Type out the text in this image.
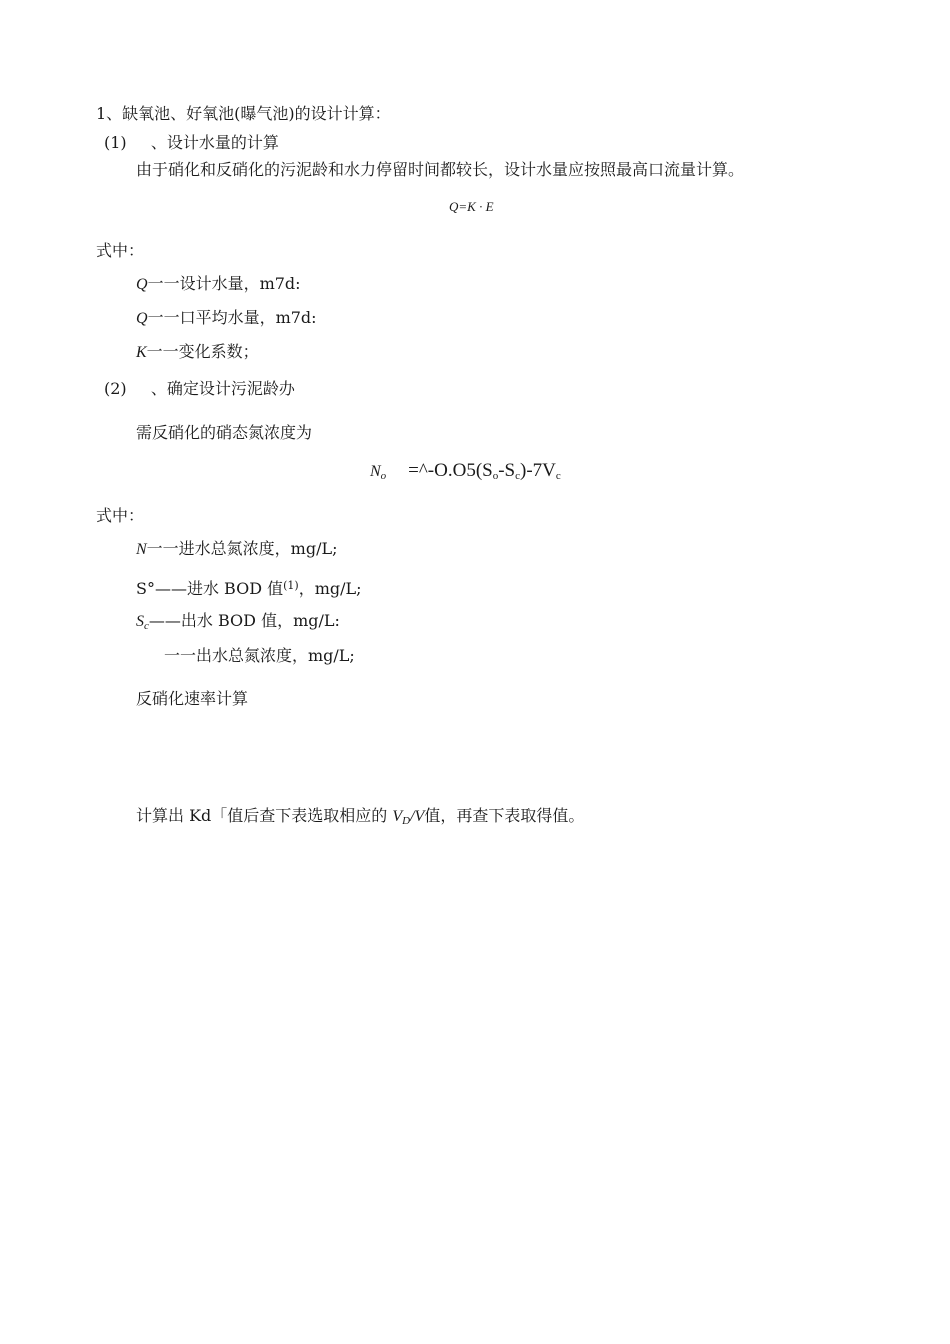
1、缺氧池、好氧池(曝气池)的设计计算：
(1) 、设计水量的计算
由于硝化和反硝化的污泥龄和水力停留时间都较长，设计水量应按照最高口流量计算。
Q=K · E
式中：
Q一一设计水量，m7d:
Q一一口平均水量，m7d:
K一一变化系数；
(2) 、确定设计污泥龄办
需反硝化的硝态氮浓度为
$N_o$ $=\^{}-O.O5(S_o-S_c)-7V_c$
式中：
N一一进水总氮浓度，mg/L;
S°——进水 BOD 值$^{(1)}$，mg/L;
$S_c——$出水 BOD 值，mg/L:
一一出水总氮浓度，mg/L;
反硝化速率计算
计算出 Kd「值后查下表选取相应的 $V_D/V$值，再查下表取得值。
